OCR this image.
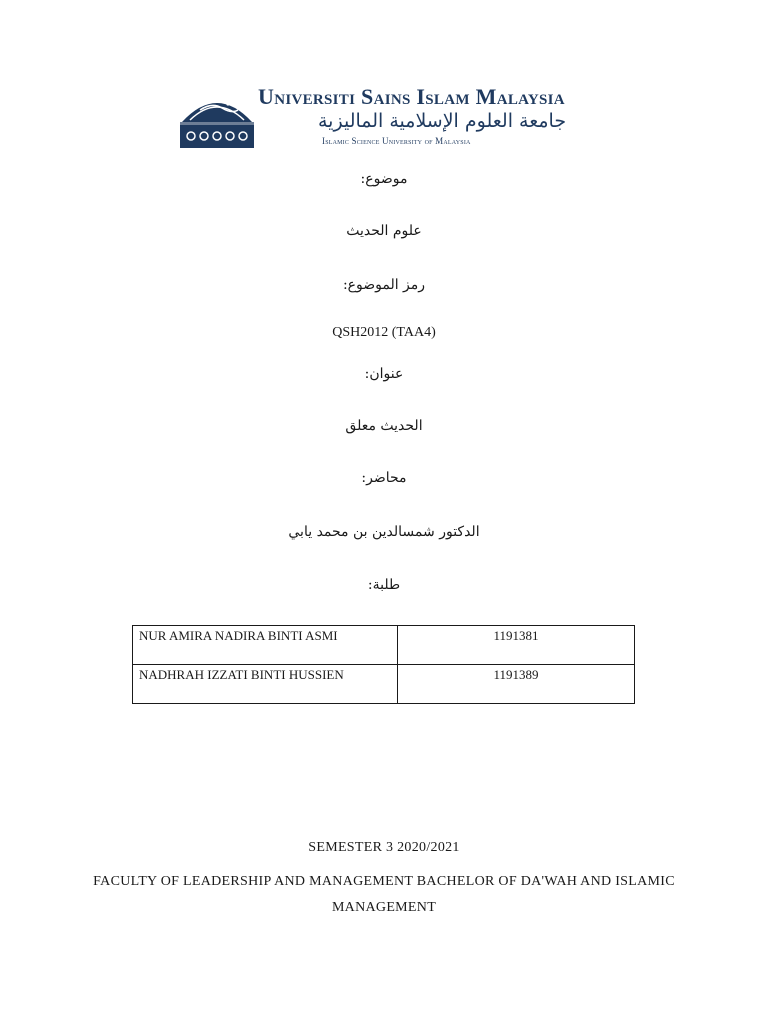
Universiti Sains Islam Malaysia
جامعة العلوم الإسلامية الماليزية
Islamic Science University of Malaysia
موضوع:
علوم الحديث
رمز الموضوع:
QSH2012 (TAA4)
عنوان:
الحديث معلق
محاضر:
الدكتور شمسالدين بن محمد يابي
طلبة:
NUR AMIRA NADIRA BINTI ASMI	1191381
NADHRAH IZZATI BINTI HUSSIEN	1191389
SEMESTER 3 2020/2021
FACULTY OF LEADERSHIP AND MANAGEMENT BACHELOR OF DA'WAH AND ISLAMIC MANAGEMENT
